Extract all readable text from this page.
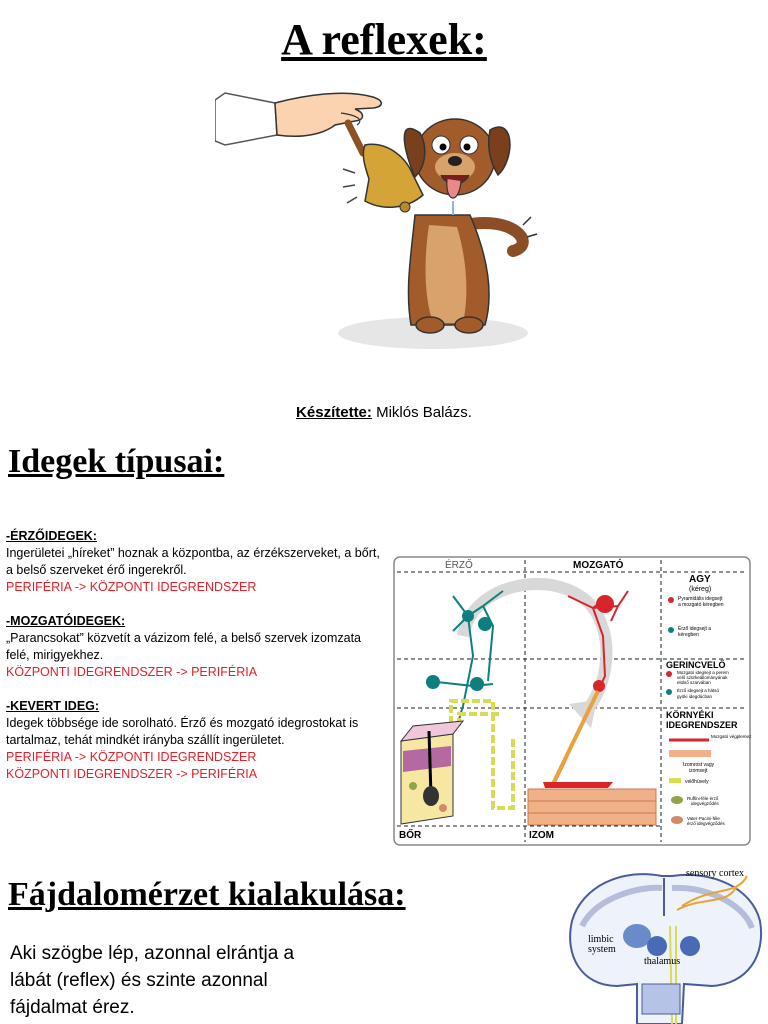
A reflexek:
Készítette: Miklós Balázs.
Idegek típusai:
-ÉRZŐIDEGEK:
Ingerületei „híreket” hoznak a központba, az érzékszerveket, a bőrt, a belső szerveket érő ingerekről.
PERIFÉRIA -> KÖZPONTI IDEGRENDSZER
-MOZGATÓIDEGEK:
„Parancsokat” közvetít a vázizom felé, a belső szervek izomzata felé, mirigyekhez.
KÖZPONTI IDEGRENDSZER -> PERIFÉRIA
-KEVERT IDEG:
Idegek többsége ide sorolható. Érző és mozgató idegrostokat is tartalmaz, tehát mindkét irányba szállít ingerületet.
PERIFÉRIA -> KÖZPONTI IDEGRENDSZER
KÖZPONTI IDEGRENDSZER -> PERIFÉRIA
ÉRZŐ	MOZGATÓ
BŐR	IZOM
AGY
(kéreg)
Pyramidális idegsejt
a mozgató kéregben
Érző idegsejt a
kéregben
GERINCVELŐ
Mozgató idegsejt a perem
velő szürkeállományának
elülső szarvában
Érző idegsejt a hátsó
gyöki idegdúcban
KÖRNYÉKI
IDEGRENDSZER
Mozgató végplemez
Izomrost vagy
izomsejt
velőhüvely
Ruffini-féle érző
idegvégződés
Vater-Pacini-féle
érző idegvégződés
Fájdalomérzet kialakulása:
Aki szögbe lép, azonnal elrántja a lábát (reflex) és szinte azonnal fájdalmat érez.
sensory cortex
limbic
system
thalamus
